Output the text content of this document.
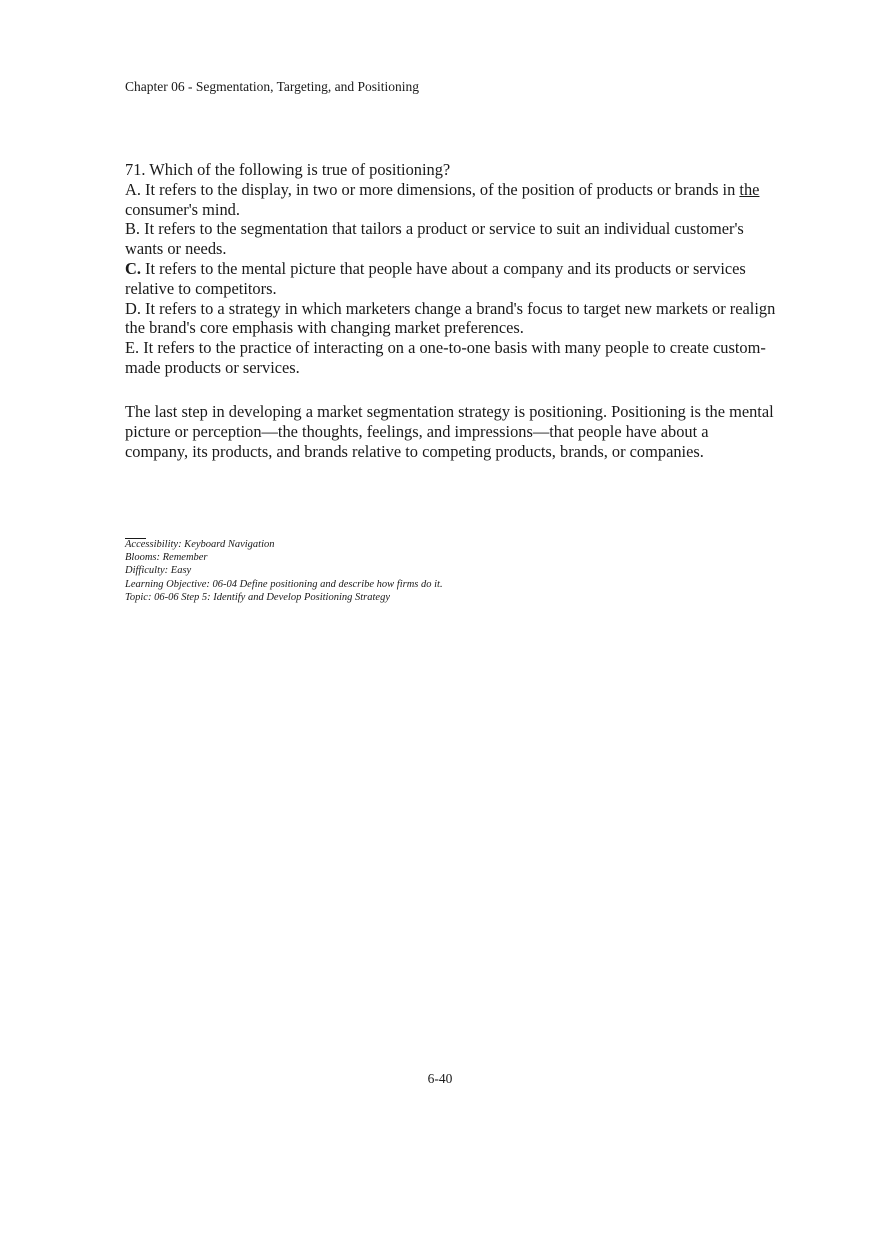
Chapter 06 - Segmentation, Targeting, and Positioning

71. Which of the following is true of positioning?

A. It refers to the display, in two or more dimensions, of the position of products or brands in the consumer's mind.

B. It refers to the segmentation that tailors a product or service to suit an individual customer's wants or needs.

C. It refers to the mental picture that people have about a company and its products or services relative to competitors.

D. It refers to a strategy in which marketers change a brand's focus to target new markets or realign the brand's core emphasis with changing market preferences.

E. It refers to the practice of interacting on a one-to-one basis with many people to create custom-made products or services.

The last step in developing a market segmentation strategy is positioning. Positioning is the mental picture or perception—the thoughts, feelings, and impressions—that people have about a company, its products, and brands relative to competing products, brands, or companies.

Accessibility: Keyboard Navigation
Blooms: Remember
Difficulty: Easy
Learning Objective: 06-04 Define positioning and describe how firms do it.
Topic: 06-06 Step 5: Identify and Develop Positioning Strategy
6-40
